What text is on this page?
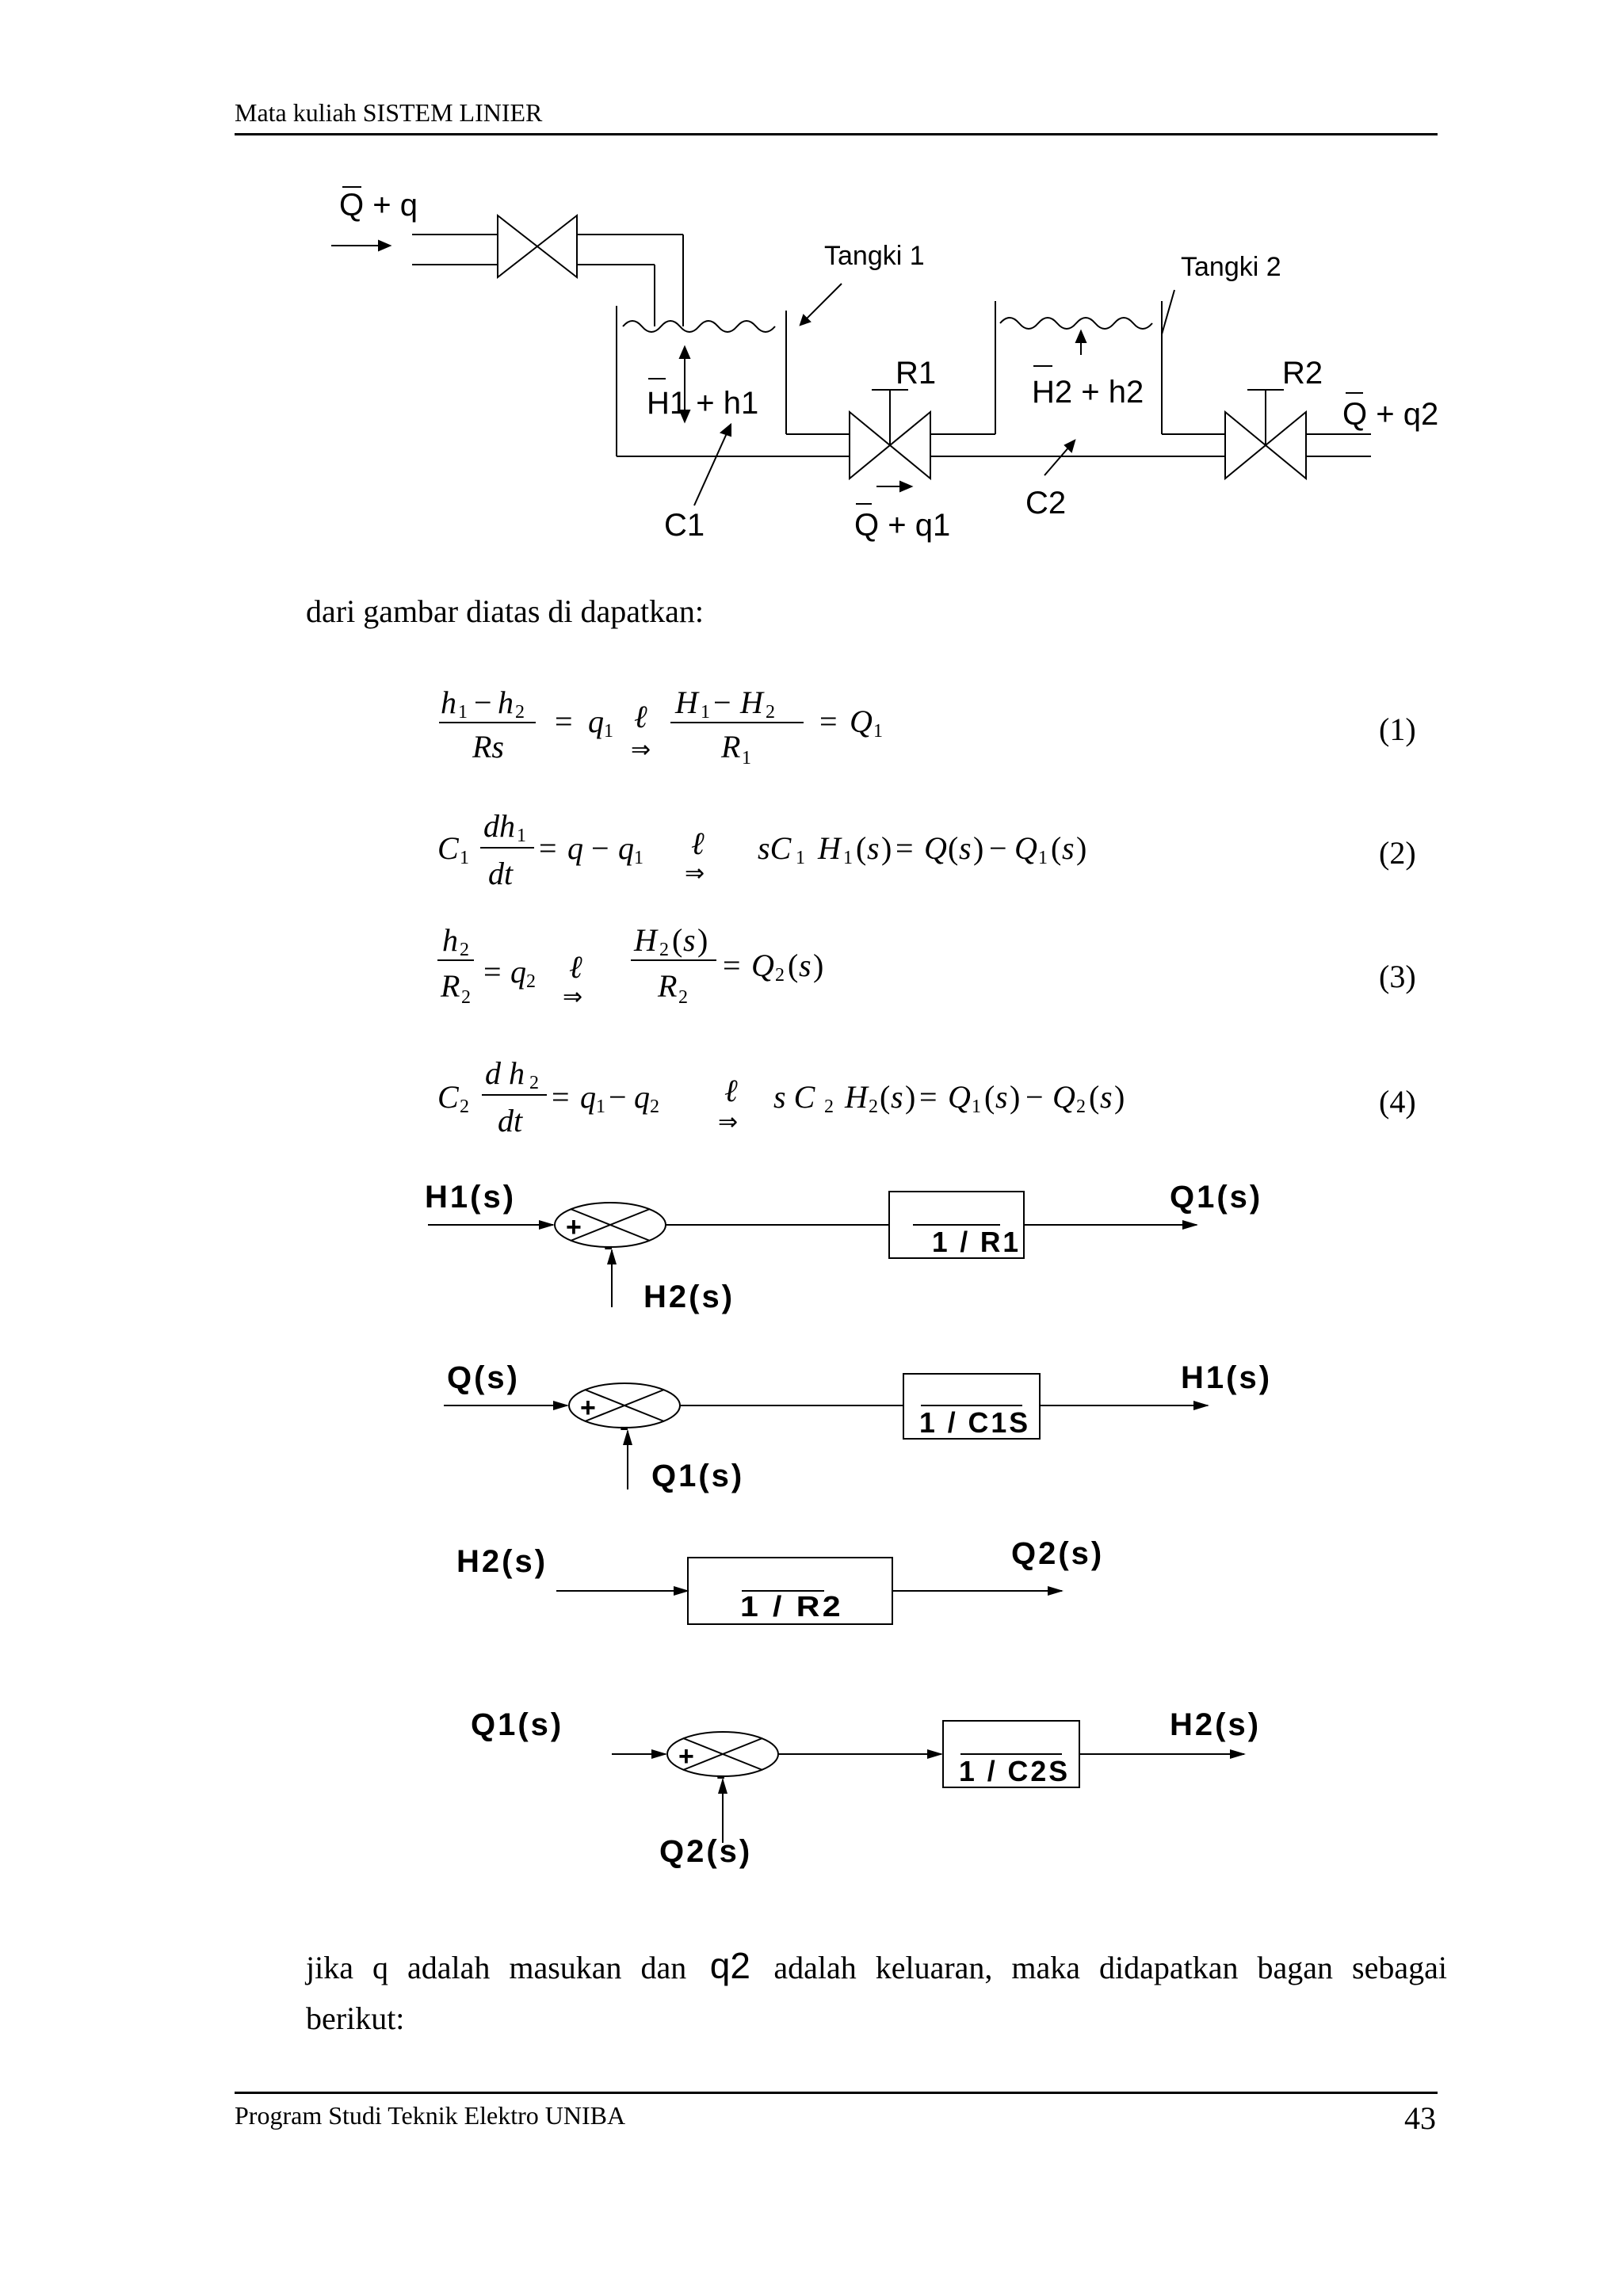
Mata kuliah SISTEM LINIER
Q + q
Tangki 1	Tangki 2
H1 + h1	H2 + h2
R1	R2
C1
C2
Q + q1
Q + q2
dari gambar diatas di dapatkan:
h 1 − h 2
Rs
= q 1 ℓ
⇒
H 1 − H 2
R 1
= Q 1	(1)
C 1
dh 1
dt
= q − q 1 ℓ
⇒
sC 1 H 1 ( s ) = Q ( s ) − Q 1 ( s )	(2)
h 2
R 2
= q 2 ℓ
⇒
H 2 ( s )
R 2
= Q 2 ( s )	(3)
C 2
d h 2
dt
= q 1 − q 2 ℓ
⇒
s C 2 H 2 ( s ) = Q 1 ( s ) − Q 2 ( s )	(4)
+
-
+
-
+
-
H1(s)
H2(s)
Q1(s)
1 / R1
Q(s)
Q1(s)
H1(s)
1 / C1S
H2(s)	Q2(s)
1 / R2
Q1(s)
Q2(s)
H2(s)
1 / C2S
jika q adalah masukan dan q2 adalah keluaran, maka didapatkan bagan sebagai
berikut:
Program Studi Teknik Elektro UNIBA	43
